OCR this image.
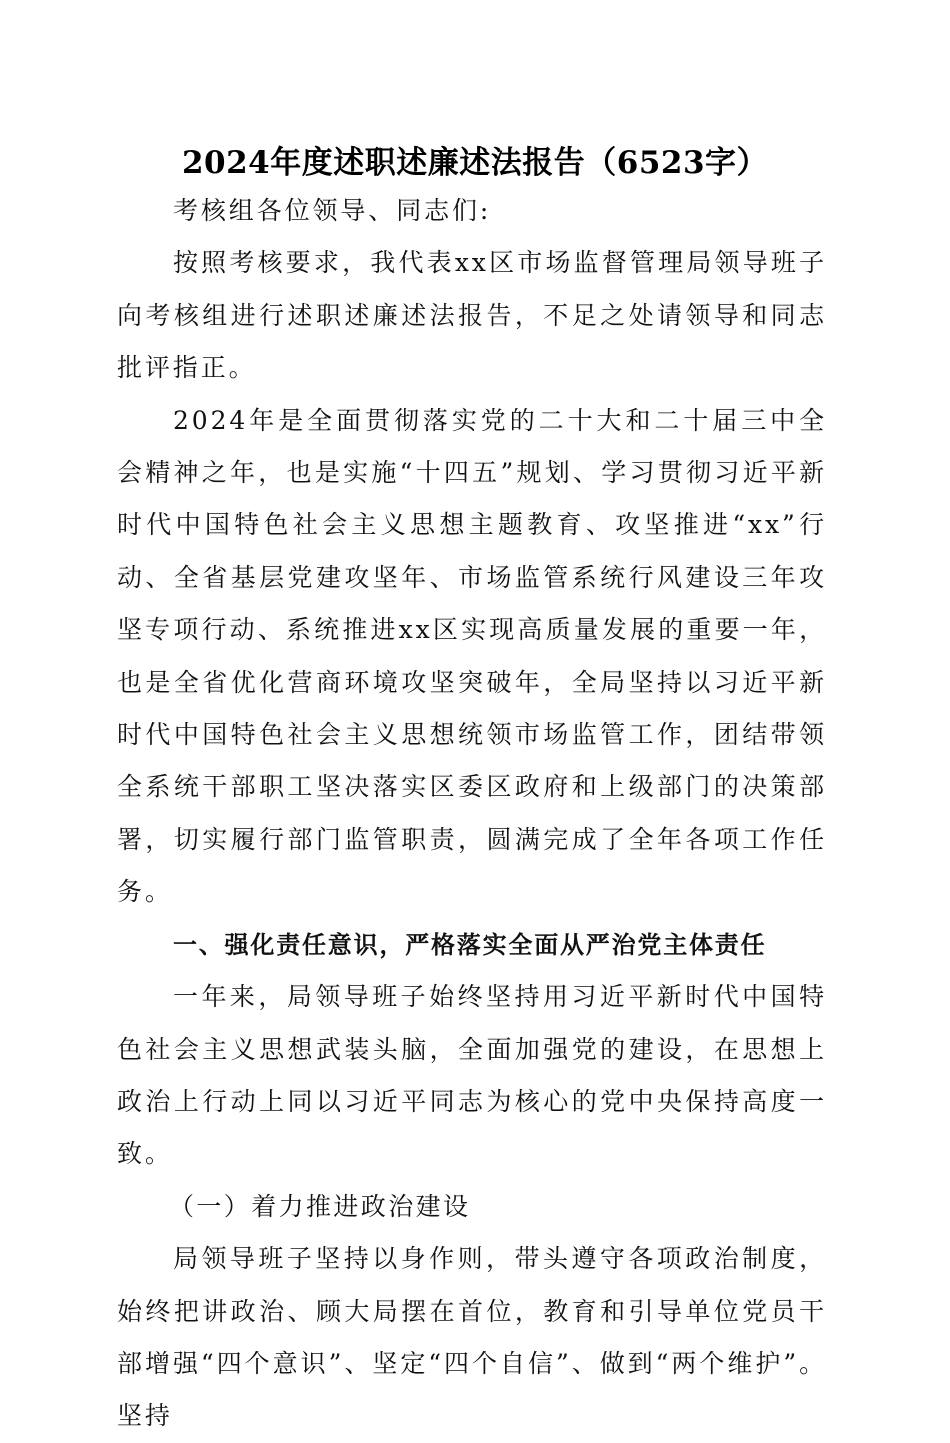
2024年度述职述廉述法报告（6523字）

考核组各位领导、同志们:

按照考核要求，我代表xx区市场监督管理局领导班子向考核组进行述职述廉述法报告，不足之处请领导和同志批评指正。

2024年是全面贯彻落实党的二十大和二十届三中全会精神之年，也是实施“十四五”规划、学习贯彻习近平新时代中国特色社会主义思想主题教育、攻坚推进“xx”行动、全省基层党建攻坚年、市场监管系统行风建设三年攻坚专项行动、系统推进xx区实现高质量发展的重要一年，也是全省优化营商环境攻坚突破年，全局坚持以习近平新时代中国特色社会主义思想统领市场监管工作，团结带领全系统干部职工坚决落实区委区政府和上级部门的决策部署，切实履行部门监管职责，圆满完成了全年各项工作任务。

一、强化责任意识，严格落实全面从严治党主体责任

一年来，局领导班子始终坚持用习近平新时代中国特色社会主义思想武装头脑，全面加强党的建设，在思想上政治上行动上同以习近平同志为核心的党中央保持高度一致。

（一）着力推进政治建设

局领导班子坚持以身作则，带头遵守各项政治制度，始终把讲政治、顾大局摆在首位，教育和引导单位党员干部增强“四个意识”、坚定“四个自信”、做到“两个维护”。坚持
